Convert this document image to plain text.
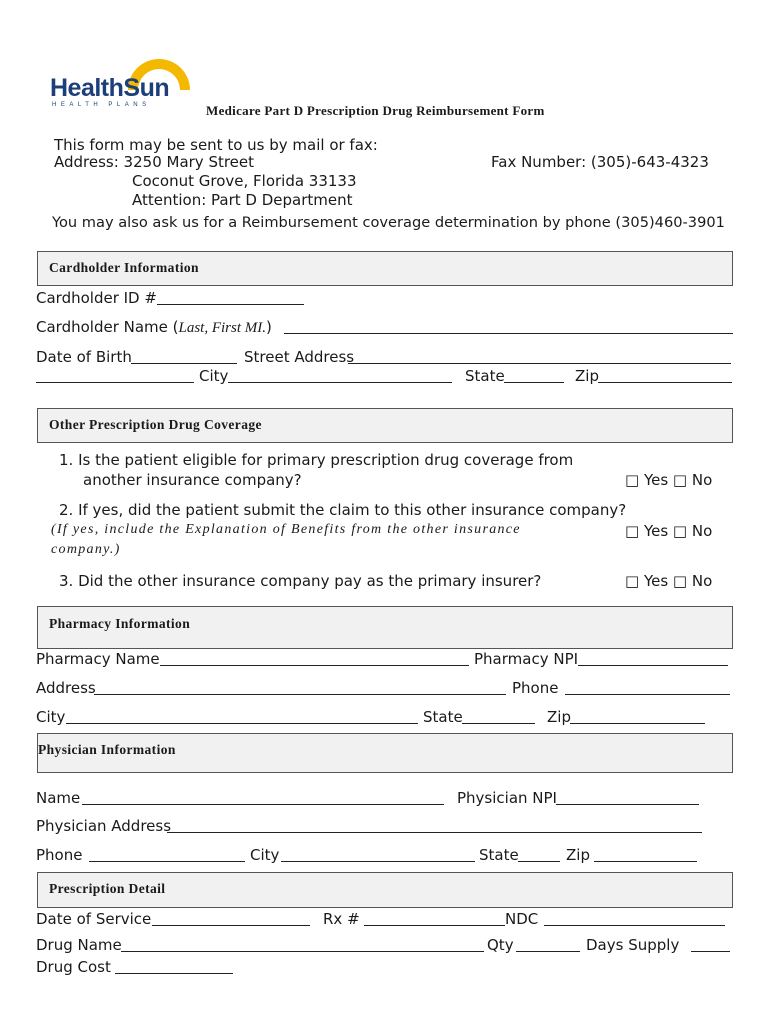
HealthSun
HEALTH PLANS	Medicare Part D Prescription Drug Reimbursement Form
This form may be sent to us by mail or fax:
Address: 3250 Mary Street	Fax Number: (305)-643-4323
Coconut Grove, Florida 33133
Attention: Part D Department
You may also ask us for a Reimbursement coverage determination by phone (305)460-3901
Cardholder Information
Cardholder ID #
Cardholder Name (Last, First MI.)
Date of Birth	Street Address
City	State	Zip
Other Prescription Drug Coverage
1. Is the patient eligible for primary prescription drug coverage from
another insurance company?	□ Yes □ No
2. If yes, did the patient submit the claim to this other insurance company?
(If yes, include the Explanation of Benefits from the other insurance
company.)
□ Yes □ No
3. Did the other insurance company pay as the primary insurer?	□ Yes □ No
Pharmacy Information
Pharmacy Name	Pharmacy NPI
Address	Phone
City	State	Zip
Physician Information
Name	Physician NPI
Physician Address
Phone	City	State	Zip
Prescription Detail
Date of Service	Rx #	NDC
Drug Name	Qty	Days Supply
Drug Cost
